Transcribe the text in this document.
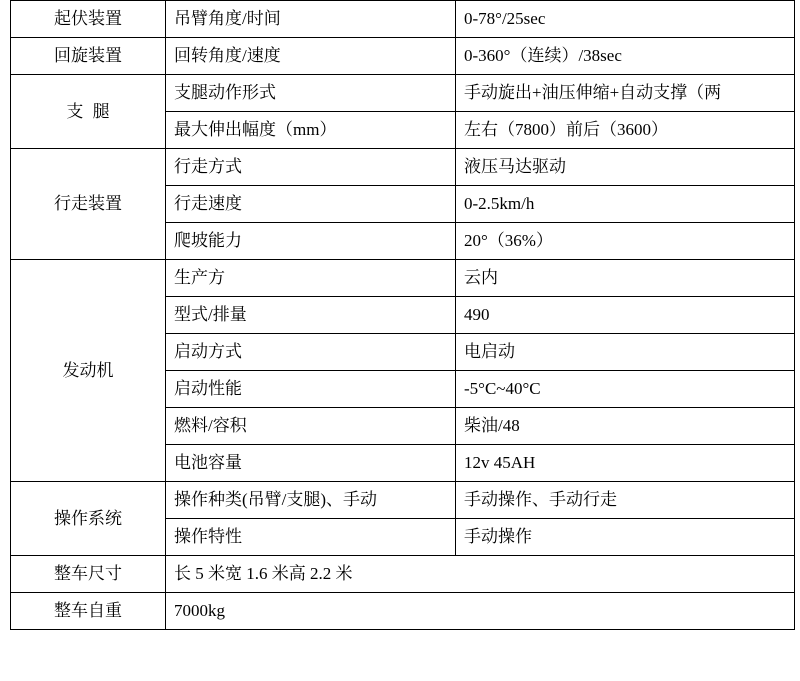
起伏装置	吊臂角度/时间	0-78°/25sec
回旋装置	回转角度/速度	0-360°（连续）/38sec
支腿	支腿动作形式	手动旋出+油压伸缩+自动支撑（两
	最大伸出幅度（mm）	左右（7800）前后（3600）
行走装置	行走方式	液压马达驱动
	行走速度	0-2.5km/h
	爬坡能力	20°（36%）
发动机	生产方	云内
	型式/排量	490
	启动方式	电启动
	启动性能	-5°C~40°C
	燃料/容积	柴油/48
	电池容量	12v 45AH
操作系统	操作种类(吊臂/支腿)、手动	手动操作、手动行走
	操作特性	手动操作
整车尺寸	长 5 米宽 1.6 米高 2.2 米	
整车自重	7000kg	
